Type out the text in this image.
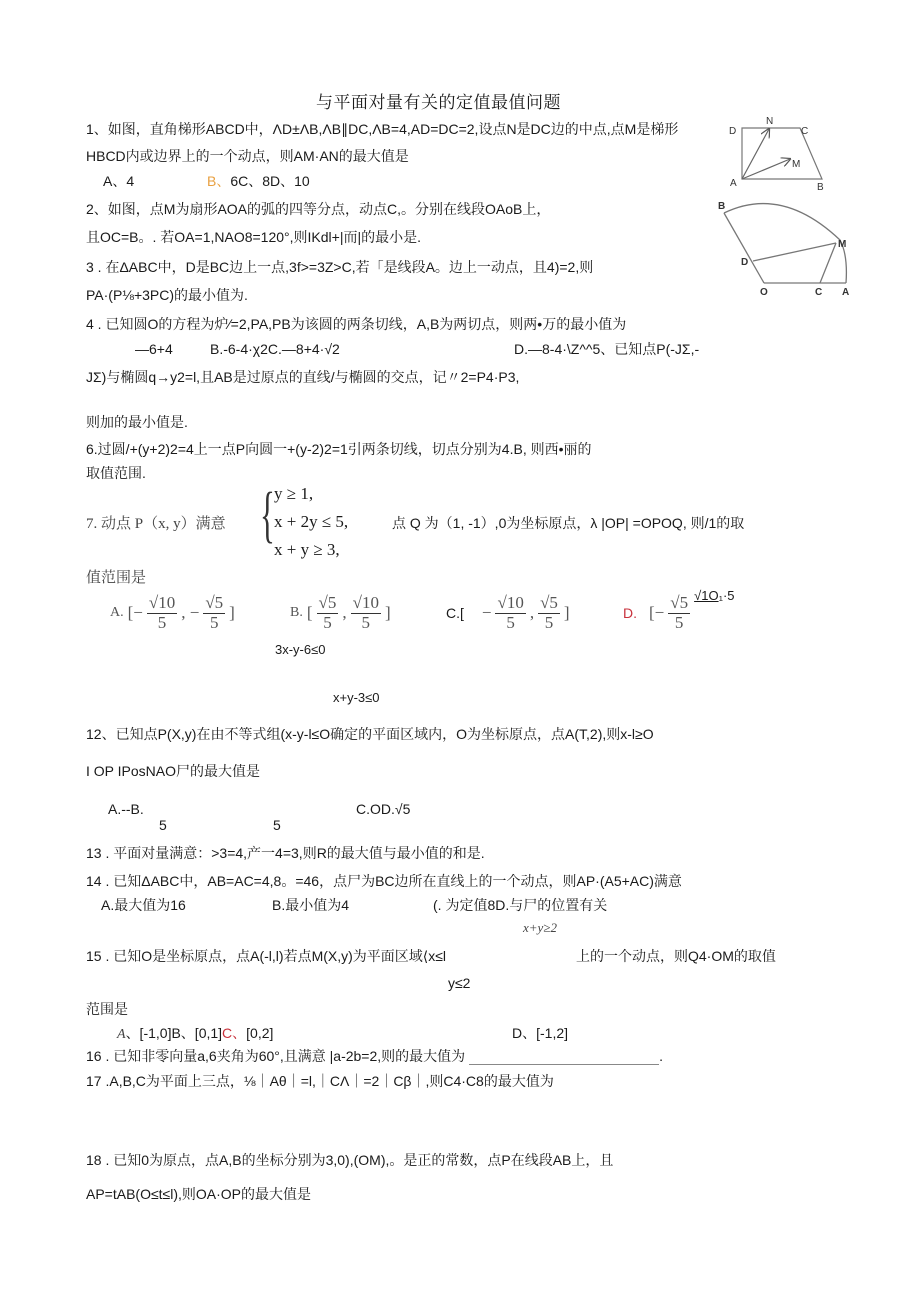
与平面对量有关的定值最值问题
1、如图，直角梯形ABCD中，ΛD±ΛB,ΛB∥DC,ΛB=4,AD=DC=2,设点N是DC边的中点,点M是梯形
HBCD内或边界上的一个动点，则AM·AN的最大值是
A、4	B、6C、8D、10
D
N
C
M
A	B
2、如图，点M为扇形AOA的弧的四等分点，动点C,。分别在线段OAoB上，
且OC=B。. 若OA=1,NAO8=120°,则IKdl+|而|的最小是.
B
M
D
O	C A
3 . 在ΔABC中，D是BC边上一点,3f>=3Z>C,若「是线段A。边上一动点，且4)=2,则
PA·(P⅛+3PC)的最小值为.
4 . 已知圆O的方程为炉∕=2,PA,PB为该圆的两条切线，A,B为两切点，则两•万的最小值为
—6+4	B.-6-4·χ2C.—8+4·√2	D.—8-4·\Z^^5、已知点P(-JΣ,-
JΣ)与椭圆q→y2=l,且AB是过原点的直线/与椭圆的交点，记〃2=P4·P3,
则加的最小值是.
6.过圆/+(y+2)2=4上一点P向圆一+(y-2)2=1引两条切线，切点分别为4.B, 则西•丽的
取值范围.
7. 动点 P（x, y）满意 { y ≥ 1,
x + 2y ≤ 5,
x + y ≥ 3,
点 Q 为（1, -1）,0为坐标原点，λ |OP| =OPOQ, 则/1的取
值范围是
A. [− $\frac{√10}{5}$ , − $\frac{√5}{5}$ ]	B. [ $\frac{√5}{5}$ , $\frac{√10}{5}$ ]	$C.[ - \frac{√10}{5}$ , $\frac{√5}{5}$ ]	D. [− $\frac{√5}{5} √1O_1\cdot 5$
3x-y-6≤0
x+y-3≤0
12、已知点P(X,y)在由不等式组(x-y-l≤O确定的平面区域内，O为坐标原点，点A(T,2),则x-l≥O
I OP IPosNAO尸的最大值是
A.--B.	C.OD.√5
5	5
13 . 平面对量满意：>3=4,产一4=3,则R的最大值与最小值的和是.
14 . 已知ΔABC中，AB=AC=4,8。=46，点尸为BC边所在直线上的一个动点，则AP·(A5+AC)满意
A.最大值为16	B.最小值为4	(. 为定值8D.与尸的位置有关
x+y≥2
15 . 已知O是坐标原点，点A(-l,l)若点M(X,y)为平面区域⟨x≤l	上的一个动点，则Q4·OM的取值
y≤2
范围是
A、[-1,0]B、[0,1]C、[0,2]	D、[-1,2]
16 . 已知非零向量a,6夹角为60°,且满意 |a-2b=2,则的最大值为	.
17 .A,B,C为平面上三点，⅛｜Aθ｜=l,｜CΛ｜=2｜Cβ｜,则C4·C8的最大值为
18 . 已知0为原点，点A,B的坐标分别为3,0),(OM),。是正的常数，点P在线段AB上，且
AP=tAB(O≤t≤l),则OA·OP的最大值是
